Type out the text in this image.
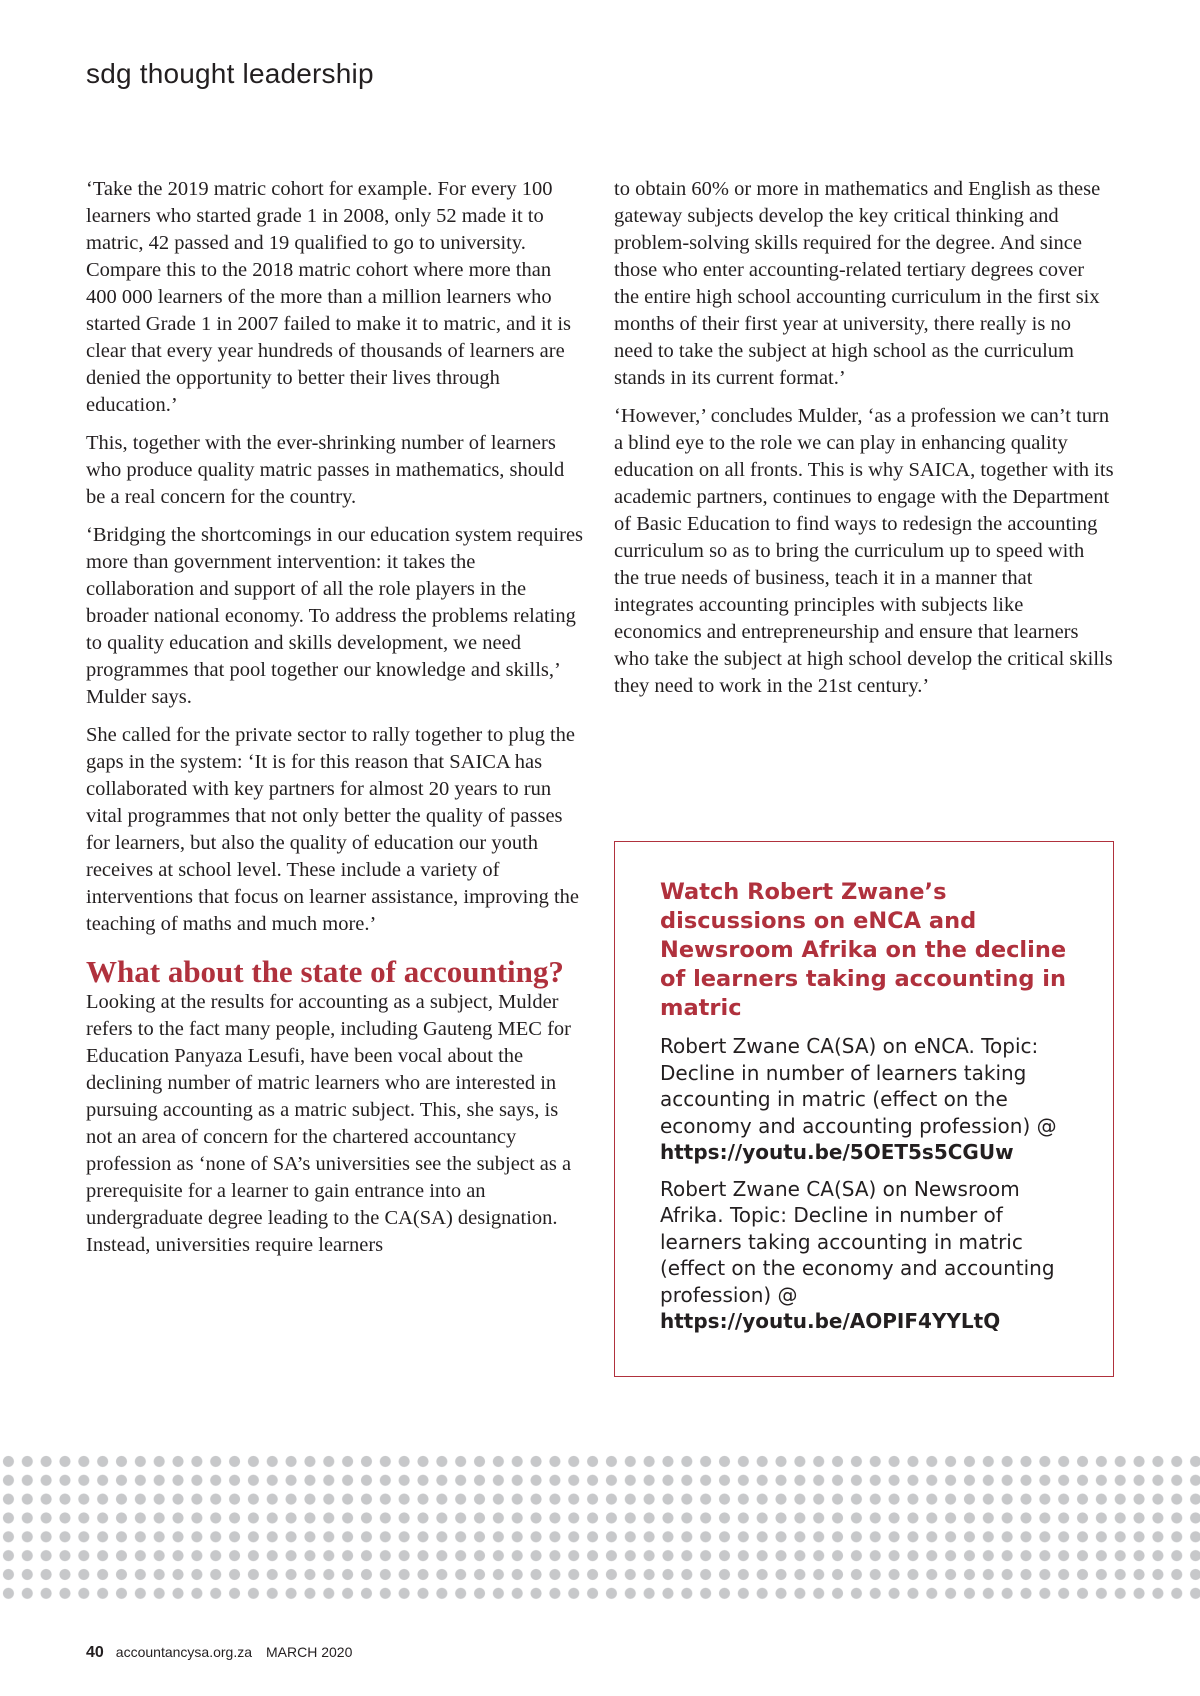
sdg thought leadership

‘Take the 2019 matric cohort for example. For every 100 learners who started grade 1 in 2008, only 52 made it to matric, 42 passed and 19 qualified to go to university. Compare this to the 2018 matric cohort where more than 400 000 learners of the more than a million learners who started Grade 1 in 2007 failed to make it to matric, and it is clear that every year hundreds of thousands of learners are denied the opportunity to better their lives through education.’

This, together with the ever-shrinking number of learners who produce quality matric passes in mathematics, should be a real concern for the country.

‘Bridging the shortcomings in our education system requires more than government intervention: it takes the collaboration and support of all the role players in the broader national economy. To address the problems relating to quality education and skills development, we need programmes that pool together our knowledge and skills,’ Mulder says.

She called for the private sector to rally together to plug the gaps in the system: ‘It is for this reason that SAICA has collaborated with key partners for almost 20 years to run vital programmes that not only better the quality of passes for learners, but also the quality of education our youth receives at school level. These include a variety of interventions that focus on learner assistance, improving the teaching of maths and much more.’

What about the state of accounting?

Looking at the results for accounting as a subject, Mulder refers to the fact many people, including Gauteng MEC for Education Panyaza Lesufi, have been vocal about the declining number of matric learners who are interested in pursuing accounting as a matric subject. This, she says, is not an area of concern for the chartered accountancy profession as ‘none of SA’s universities see the subject as a prerequisite for a learner to gain entrance into an undergraduate degree leading to the CA(SA) designation. Instead, universities require learners

to obtain 60% or more in mathematics and English as these gateway subjects develop the key critical thinking and problem-solving skills required for the degree. And since those who enter accounting-related tertiary degrees cover the entire high school accounting curriculum in the first six months of their first year at university, there really is no need to take the subject at high school as the curriculum stands in its current format.’

‘However,’ concludes Mulder, ‘as a profession we can’t turn a blind eye to the role we can play in enhancing quality education on all fronts. This is why SAICA, together with its academic partners, continues to engage with the Department of Basic Education to find ways to redesign the accounting curriculum so as to bring the curriculum up to speed with the true needs of business, teach it in a manner that integrates accounting principles with subjects like economics and entrepreneurship and ensure that learners who take the subject at high school develop the critical skills they need to work in the 21st century.’

Watch Robert Zwane’s discussions on eNCA and Newsroom Afrika on the decline of learners taking accounting in matric

Robert Zwane CA(SA) on eNCA. Topic: Decline in number of learners taking accounting in matric (effect on the economy and accounting profession) @ https://youtu.be/5OET5s5CGUw

Robert Zwane CA(SA) on Newsroom Afrika. Topic: Decline in number of learners taking accounting in matric (effect on the economy and accounting profession) @ https://youtu.be/AOPIF4YYLtQ

40 accountancysa.org.za MARCH 2020
